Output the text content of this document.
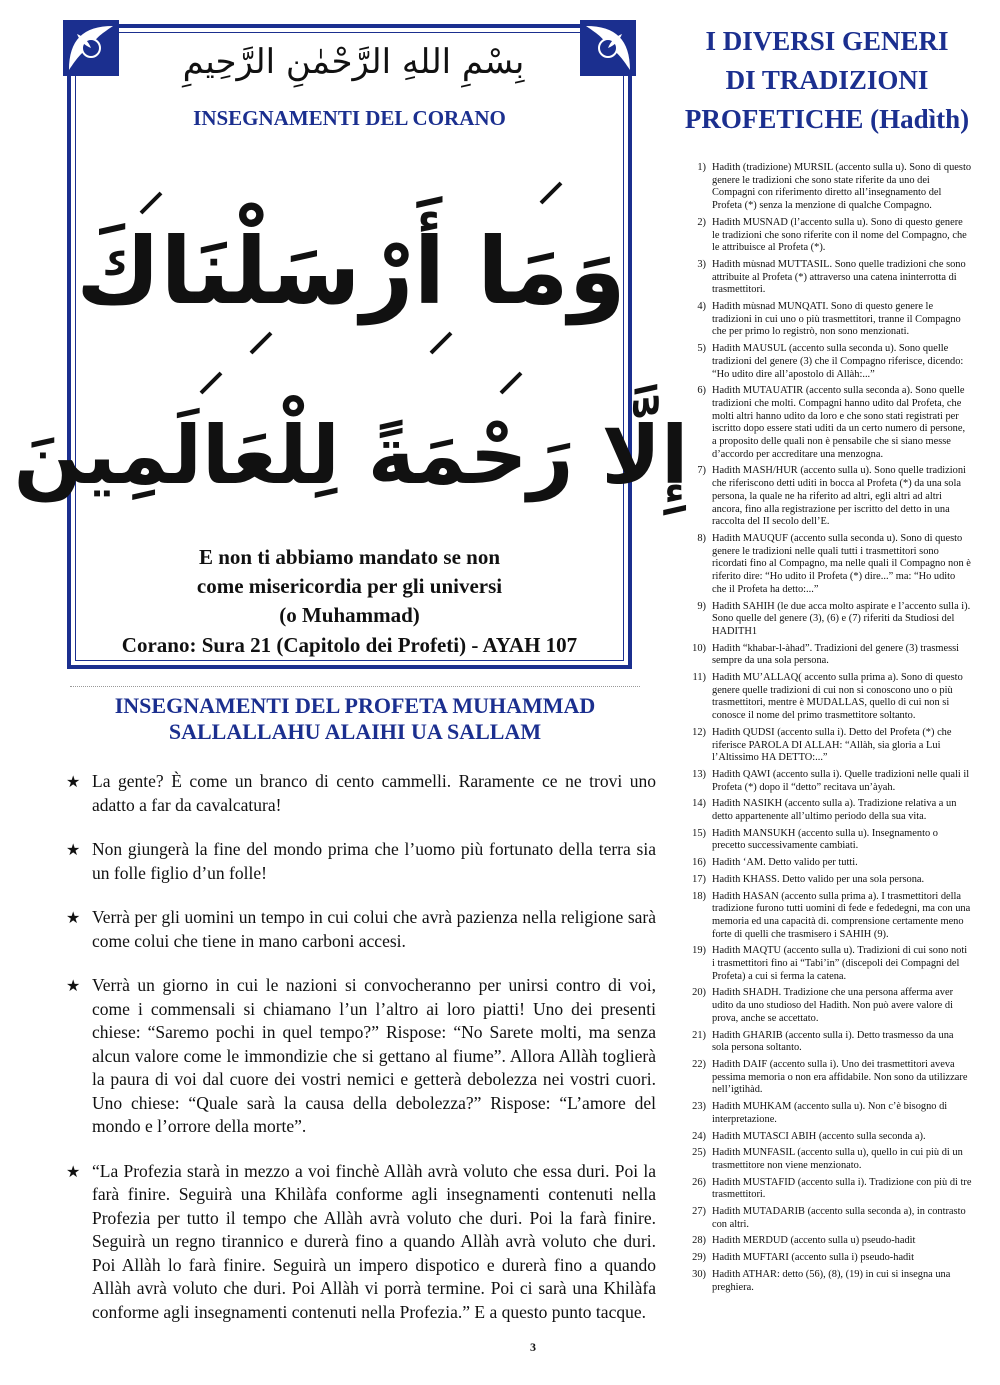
بِسْمِ اللهِ الرَّحْمٰنِ الرَّحِيمِ
INSEGNAMENTI DEL CORANO
وَمَا أَرْسَلْنَاكَ
إِلَّا رَحْمَةً لِلْعَالَمِينَ
E non ti abbiamo mandato se non
come misericordia per gli universi
(o Muhammad)
Corano: Sura 21 (Capitolo dei Profeti) - AYAH 107
INSEGNAMENTI DEL PROFETA MUHAMMAD
SALLALLAHU ALAIHI UA SALLAM
★ La gente? È come un branco di cento cammelli. Raramente ce ne trovi uno adatto a far da cavalcatura!
★ Non giungerà la fine del mondo prima che l’uomo più fortunato della terra sia un folle figlio d’un folle!
★ Verrà per gli uomini un tempo in cui colui che avrà pazienza nella religione sarà come colui che tiene in mano carboni accesi.
★ Verrà un giorno in cui le nazioni si convocheranno per unirsi contro di voi, come i commensali si chiamano l’un l’altro ai loro piatti! Uno dei presenti chiese: “Saremo pochi in quel tempo?” Rispose: “No Sarete molti, ma senza alcun valore come le immondizie che si gettano al fiume”. Allora Allàh toglierà la paura di voi dal cuore dei vostri nemici e getterà debolezza nei vostri cuori. Uno chiese: “Quale sarà la causa della debolezza?” Rispose: “L’amore del mondo e l’orrore della morte”.
★ “La Profezia starà in mezzo a voi finchè Allàh avrà voluto che essa duri. Poi la farà finire. Seguirà una Khilàfa conforme agli insegnamenti contenuti nella Profezia per tutto il tempo che Allàh avrà voluto che duri. Poi la farà finire. Seguirà un regno tirannico e durerà fino a quando Allàh avrà voluto che duri. Poi Allàh lo farà finire. Seguirà un impero dispotico e durerà fino a quando Allàh avrà voluto che duri. Poi Allàh vi porrà termine. Poi ci sarà una Khilàfa conforme agli insegnamenti contenuti nella Profezia.” E a questo punto tacque.
I DIVERSI GENERI
DI TRADIZIONI
PROFETICHE (Hadìth)
1) Hadìth (tradizione) MURSIL (accento sulla u). Sono di questo genere le tradizioni che sono state riferite da uno dei Compagni con riferimento diretto all’insegnamento del Profeta (*) senza la menzione di qualche Compagno.
2) Hadìth MUSNAD (l’accento sulla u). Sono di questo genere le tradizioni che sono riferite con il nome del Compagno, che le attribuisce al Profeta (*).
3) Hadìth mùsnad MUTTASIL. Sono quelle tradizioni che sono attribuite al Profeta (*) attraverso una catena ininterrotta di trasmettitori.
4) Hadìth mùsnad MUNQATI. Sono di questo genere le tradizioni in cui uno o più trasmettitori, tranne il Compagno che per primo lo registrò, non sono menzionati.
5) Hadìth MAUSUL (accento sulla seconda u). Sono quelle tradizioni del genere (3) che il Compagno riferisce, dicendo: “Ho udito dire all’apostolo di Allàh:...”
6) Hadìth MUTAUATIR (accento sulla seconda a). Sono quelle tradizioni che molti. Compagni hanno udito dal Profeta, che molti altri hanno udito da loro e che sono stati registrati per iscritto dopo essere stati uditi da un certo numero di persone, a proposito delle quali non è pensabile che si siano messe d’accordo per accreditare una menzogna.
7) Hadìth MASH/HUR (accento sulla u). Sono quelle tradizioni che riferiscono detti uditi in bocca al Profeta (*) da una sola persona, la quale ne ha riferito ad altri, egli altri ad altri ancora, fino alla registrazione per iscritto del detto in una raccolta del II secolo dell’E.
8) Hadìth MAUQUF (accento sulla seconda u). Sono di questo genere le tradizioni nelle quali tutti i trasmettitori sono ricordati fino al Compagno, ma nelle quali il Compagno non è riferito dire: “Ho udito il Profeta (*) dire...” ma: “Ho udito che il Profeta ha detto:...”
9) Hadìth SAHIH (le due acca molto aspirate e l’accento sulla i). Sono quelle del genere (3), (6) e (7) riferiti da Studiosi del HADITH1
10) Hadìth “khabar-l-àhad”. Tradizioni del genere (3) trasmessi sempre da una sola persona.
11) Hadìth MU’ALLAQ( accento sulla prima a). Sono di questo genere quelle tradizioni di cui non si conoscono uno o più trasmettitori, mentre è MUDALLAS, quello di cui non si conosce il nome del primo trasmettitore soltanto.
12) Hadìth QUDSI (accento sulla i). Detto del Profeta (*) che riferisce PAROLA DI ALLAH: “Allàh, sia gloria a Lui l’Altissimo HA DETTO:...”
13) Hadìth QAWI (accento sulla i). Quelle tradizioni nelle quali il Profeta (*) dopo il “detto” recitava un’àyah.
14) Hadìth NASIKH (accento sulla a). Tradizione relativa a un detto appartenente all’ultimo periodo della sua vita.
15) Hadìth MANSUKH (accento sulla u). Insegnamento o precetto successivamente cambiati.
16) Hadìth ‘AM. Detto valido per tutti.
17) Hadìth KHASS. Detto valido per una sola persona.
18) Hadìth HASAN (accento sulla prima a). I trasmettitori della tradizione furono tutti uomini di fede e fededegni, ma con una memoria ed una capacità di. comprensione certamente meno forte di quelli che trasmisero i SAHIH (9).
19) Hadìth MAQTU (accento sulla u). Tradizioni di cui sono noti i trasmettitori fino ai “Tabi’in” (discepoli dei Compagni del Profeta) a cui si ferma la catena.
20) Hadìth SHADH. Tradizione che una persona afferma aver udito da uno studioso del Hadìth. Non può avere valore di prova, anche se accettato.
21) Hadìth GHARIB (accento sulla i). Detto trasmesso da una sola persona soltanto.
22) Hadìth DAIF (accento sulla i). Uno dei trasmettitori aveva pessima memoria o non era affidabile. Non sono da utilizzare nell’igtihàd.
23) Hadìth MUHKAM (accento sulla u). Non c’è bisogno di interpretazione.
24) Hadìth MUTASCI ABIH (accento sulla seconda a).
25) Hadìth MUNFASIL (accento sulla u), quello in cui più di un trasmettitore non viene menzionato.
26) Hadìth MUSTAFID (accento sulla i). Tradizione con più di tre trasmettitori.
27) Hadìth MUTADARIB (accento sulla seconda a), in contrasto con altri.
28) Hadìth MERDUD (accento sulla u) pseudo-hadìt
29) Hadìth MUFTARI (accento sulla i) pseudo-hadìt
30) Hadìth ATHAR: detto (56), (8), (19) in cui si insegna una preghiera.
3
